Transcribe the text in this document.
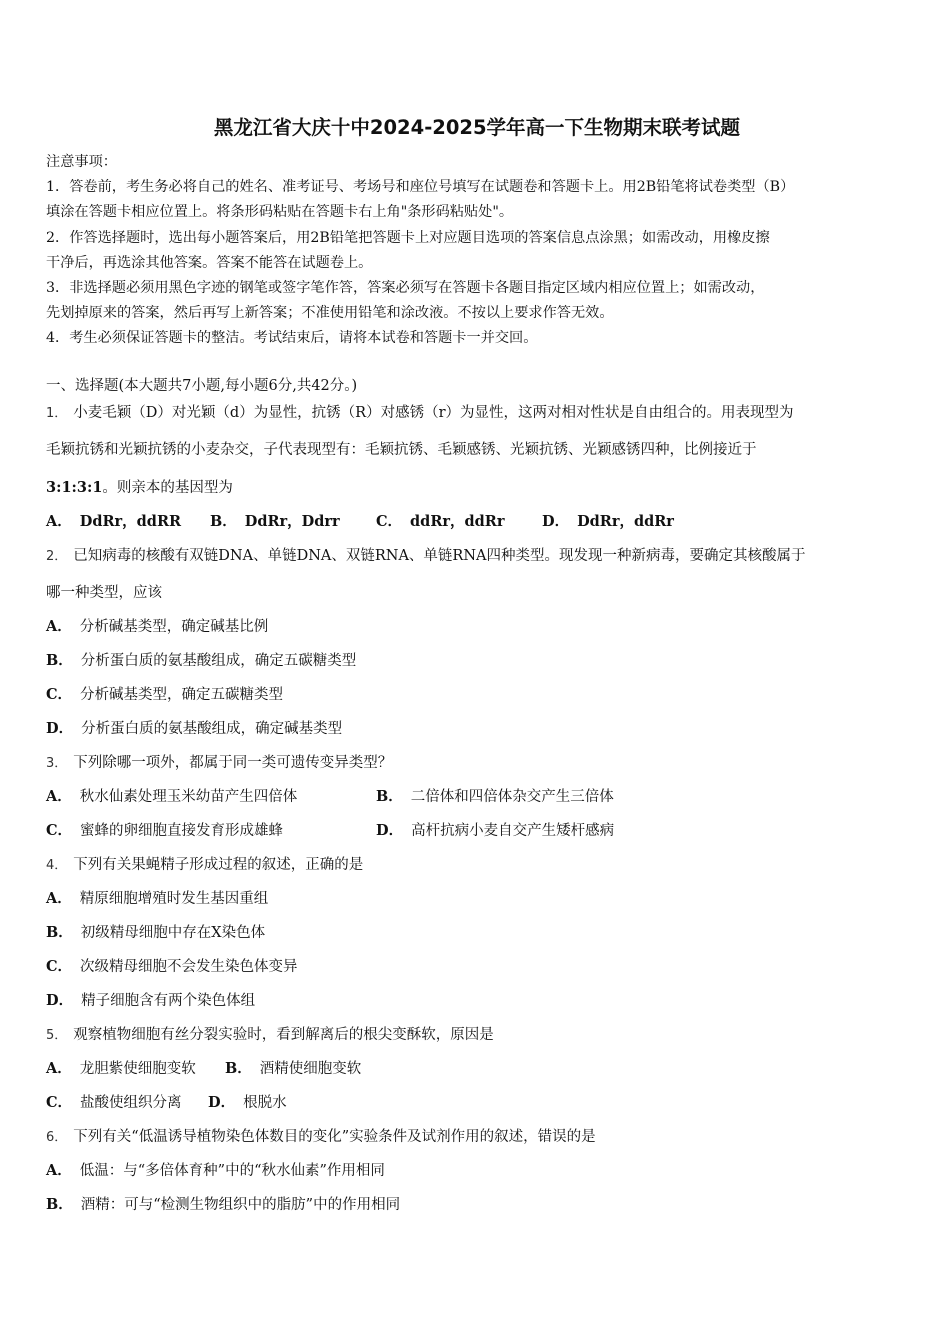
黑龙江省大庆十中2024-2025学年高一下生物期末联考试题

注意事项：

1．答卷前，考生务必将自己的姓名、准考证号、考场号和座位号填写在试题卷和答题卡上。用2B铅笔将试卷类型（B）

填涂在答题卡相应位置上。将条形码粘贴在答题卡右上角"条形码粘贴处"。

2．作答选择题时，选出每小题答案后，用2B铅笔把答题卡上对应题目选项的答案信息点涂黑；如需改动，用橡皮擦

干净后，再选涂其他答案。答案不能答在试题卷上。

3．非选择题必须用黑色字迹的钢笔或签字笔作答，答案必须写在答题卡各题目指定区域内相应位置上；如需改动，

先划掉原来的答案，然后再写上新答案；不准使用铅笔和涂改液。不按以上要求作答无效。

4．考生必须保证答题卡的整洁。考试结束后，请将本试卷和答题卡一并交回。

一、选择题(本大题共7小题,每小题6分,共42分。)
1． 小麦毛颖（D）对光颖（d）为显性，抗锈（R）对感锈（r）为显性，这两对相对性状是自由组合的。用表现型为
毛颖抗锈和光颖抗锈的小麦杂交，子代表现型有：毛颖抗锈、毛颖感锈、光颖抗锈、光颖感锈四种，比例接近于
3:1:3:1。则亲本的基因型为
A． DdRr，ddRR B． DdRr，Ddrr	C． ddRr，ddRr	D． DdRr，ddRr
2． 已知病毒的核酸有双链DNA、单链DNA、双链RNA、单链RNA四种类型。现发现一种新病毒，要确定其核酸属于
哪一种类型，应该
A． 分析碱基类型，确定碱基比例
B． 分析蛋白质的氨基酸组成，确定五碳糖类型
C． 分析碱基类型，确定五碳糖类型
D． 分析蛋白质的氨基酸组成，确定碱基类型
3． 下列除哪一项外，都属于同一类可遗传变异类型？
A． 秋水仙素处理玉米幼苗产生四倍体	B． 二倍体和四倍体杂交产生三倍体
C． 蜜蜂的卵细胞直接发育形成雄蜂	D． 高杆抗病小麦自交产生矮杆感病
4． 下列有关果蝇精子形成过程的叙述，正确的是
A． 精原细胞增殖时发生基因重组
B． 初级精母细胞中存在X染色体
C． 次级精母细胞不会发生染色体变异
D． 精子细胞含有两个染色体组
5． 观察植物细胞有丝分裂实验时，看到解离后的根尖变酥软，原因是
A． 龙胆紫使细胞变软 B． 酒精使细胞变软
C． 盐酸使组织分离 D． 根脱水
6． 下列有关“低温诱导植物染色体数目的变化”实验条件及试剂作用的叙述，错误的是
A． 低温：与“多倍体育种”中的“秋水仙素”作用相同
B． 酒精：可与“检测生物组织中的脂肪”中的作用相同
